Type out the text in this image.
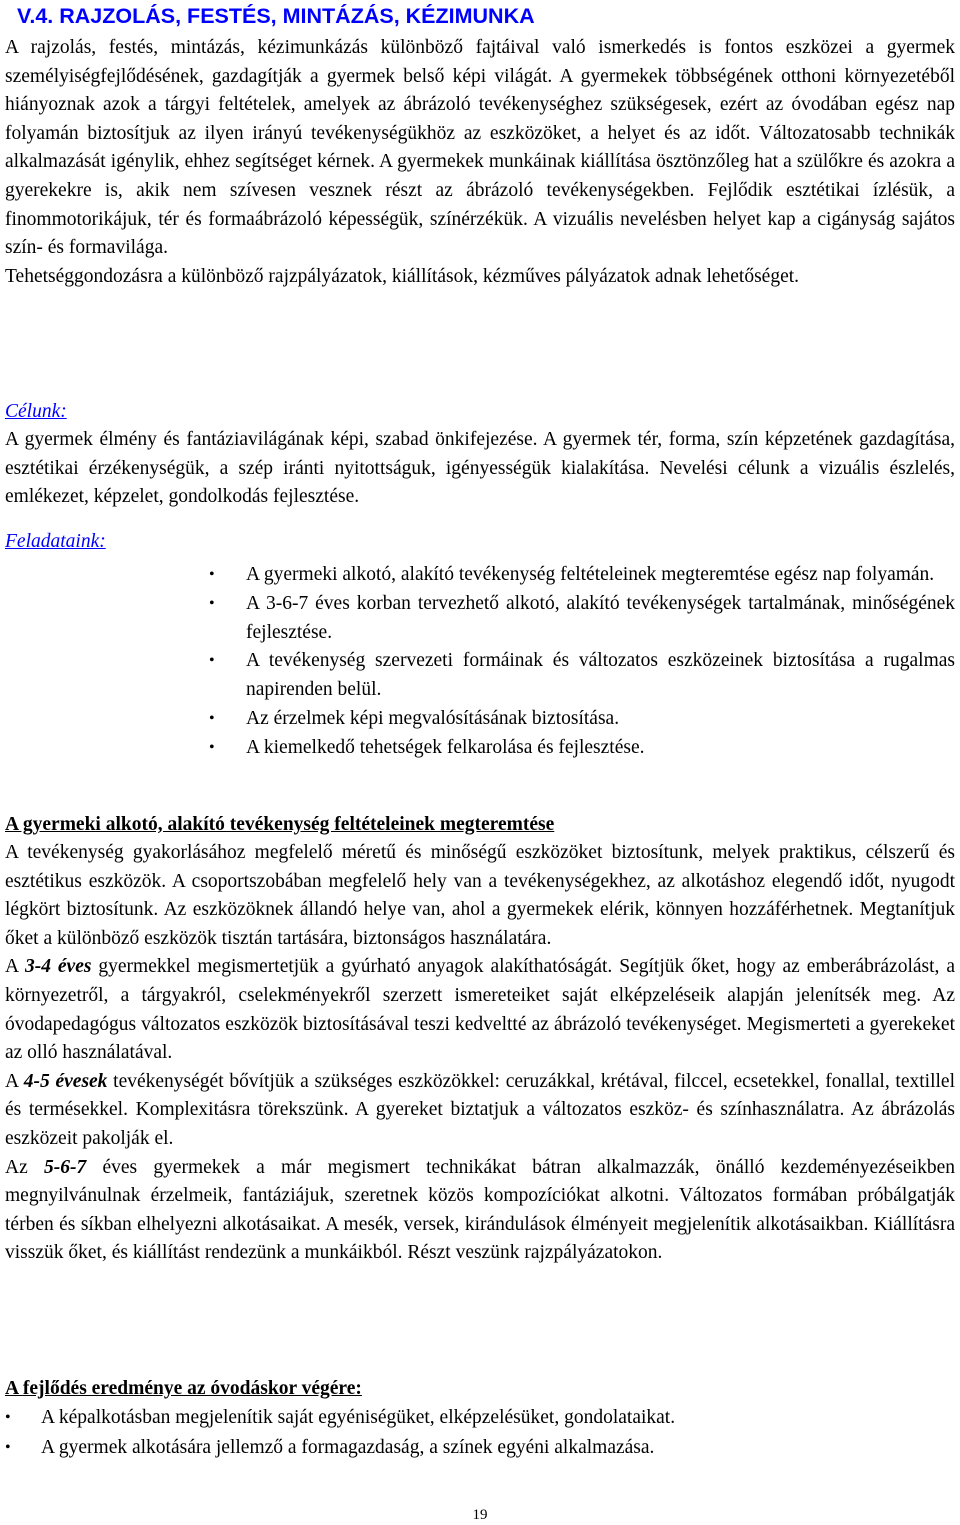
V.4. RAJZOLÁS, FESTÉS, MINTÁZÁS, KÉZIMUNKA

A rajzolás, festés, mintázás, kézimunkázás különböző fajtáival való ismerkedés is fontos eszközei a gyermek személyiségfejlődésének, gazdagítják a gyermek belső képi világát. A gyermekek többségének otthoni környezetéből hiányoznak azok a tárgyi feltételek, amelyek az ábrázoló tevékenységhez szükségesek, ezért az óvodában egész nap folyamán biztosítjuk az ilyen irányú tevékenységükhöz az eszközöket, a helyet és az időt. Változatosabb technikák alkalmazását igénylik, ehhez segítséget kérnek. A gyermekek munkáinak kiállítása ösztönzőleg hat a szülőkre és azokra a gyerekekre is, akik nem szívesen vesznek részt az ábrázoló tevékenységekben. Fejlődik esztétikai ízlésük, a finommotorikájuk, tér és formaábrázoló képességük, színérzékük. A vizuális nevelésben helyet kap a cigányság sajátos szín- és formavilága.

Tehetséggondozásra a különböző rajzpályázatok, kiállítások, kézműves pályázatok adnak lehetőséget.

Célunk:

A gyermek élmény és fantáziavilágának képi, szabad önkifejezése. A gyermek tér, forma, szín képzetének gazdagítása, esztétikai érzékenységük, a szép iránti nyitottságuk, igényességük kialakítása. Nevelési célunk a vizuális észlelés, emlékezet, képzelet, gondolkodás fejlesztése.

Feladataink:
• A gyermeki alkotó, alakító tevékenység feltételeinek megteremtése egész nap folyamán.
• A 3-6-7 éves korban tervezhető alkotó, alakító tevékenységek tartalmának, minőségének fejlesztése.
• A tevékenység szervezeti formáinak és változatos eszközeinek biztosítása a rugalmas napirenden belül.
• Az érzelmek képi megvalósításának biztosítása.
• A kiemelkedő tehetségek felkarolása és fejlesztése.
A gyermeki alkotó, alakító tevékenység feltételeinek megteremtése

A tevékenység gyakorlásához megfelelő méretű és minőségű eszközöket biztosítunk, melyek praktikus, célszerű és esztétikus eszközök. A csoportszobában megfelelő hely van a tevékenységekhez, az alkotáshoz elegendő időt, nyugodt légkört biztosítunk. Az eszközöknek állandó helye van, ahol a gyermekek elérik, könnyen hozzáférhetnek. Megtanítjuk őket a különböző eszközök tisztán tartására, biztonságos használatára.

A 3-4 éves gyermekkel megismertetjük a gyúrható anyagok alakíthatóságát. Segítjük őket, hogy az emberábrázolást, a környezetről, a tárgyakról, cselekményekről szerzett ismereteiket saját elképzeléseik alapján jelenítsék meg. Az óvodapedagógus változatos eszközök biztosításával teszi kedveltté az ábrázoló tevékenységet. Megismerteti a gyerekeket az olló használatával.

A 4-5 évesek tevékenységét bővítjük a szükséges eszközökkel: ceruzákkal, krétával, filccel, ecsetekkel, fonallal, textillel és termésekkel. Komplexitásra törekszünk. A gyereket biztatjuk a változatos eszköz- és színhasználatra. Az ábrázolás eszközeit pakolják el.

Az 5-6-7 éves gyermekek a már megismert technikákat bátran alkalmazzák, önálló kezdeményezéseikben megnyilvánulnak érzelmeik, fantáziájuk, szeretnek közös kompozíciókat alkotni. Változatos formában próbálgatják térben és síkban elhelyezni alkotásaikat. A mesék, versek, kirándulások élményeit megjelenítik alkotásaikban. Kiállításra visszük őket, és kiállítást rendezünk a munkáikból. Részt veszünk rajzpályázatokon.

A fejlődés eredménye az óvodáskor végére:
• A képalkotásban megjelenítik saját egyéniségüket, elképzelésüket, gondolataikat.
• A gyermek alkotására jellemző a formagazdaság, a színek egyéni alkalmazása.
19
